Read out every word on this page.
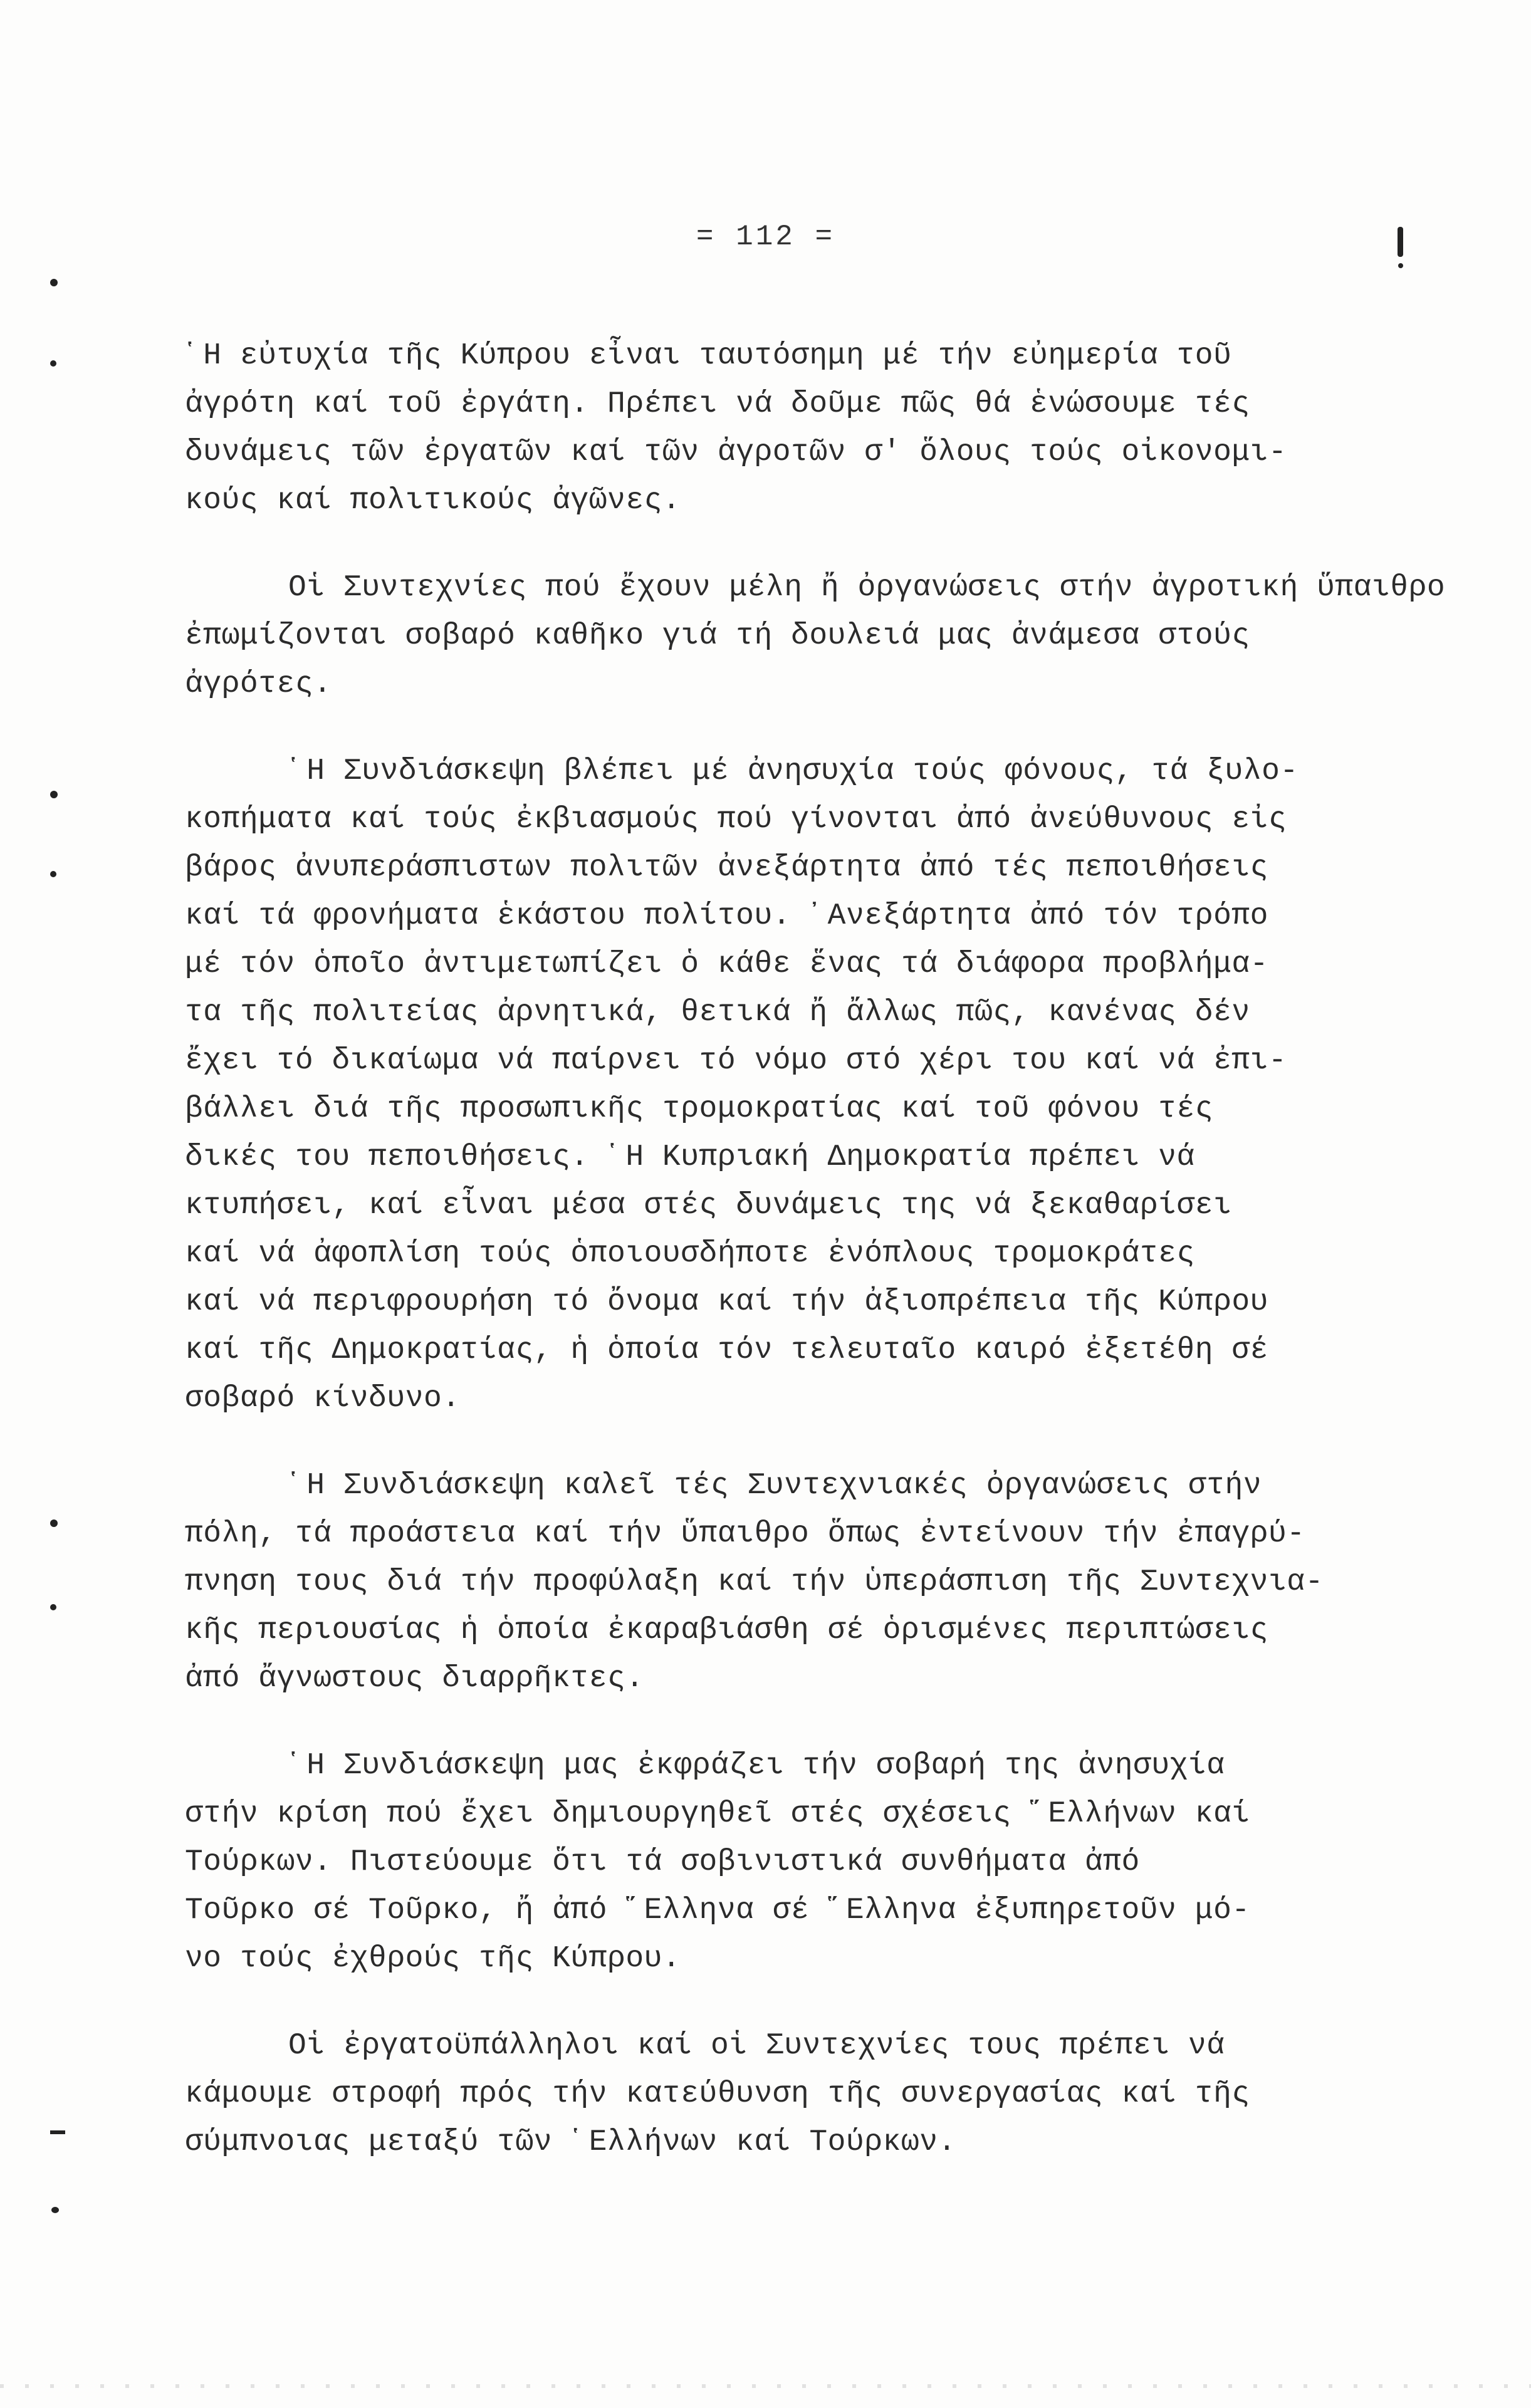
= 112 =
῾Η εὐτυχία τῆς Κύπρου εἶναι ταυτόσημη μέ τήν εὐημερία τοῦ
ἀγρότη καί τοῦ ἐργάτη. Πρέπει νά δοῦμε πῶς θά ἑνώσουμε τές
δυνάμεις τῶν ἐργατῶν καί τῶν ἀγροτῶν σ' ὅλους τούς οἰκονομι-
κούς καί πολιτικούς ἀγῶνες.
Οἱ Συντεχνίες πού ἔχουν μέλη ἤ ὀργανώσεις στήν ἀγροτική ὕπαιθρο
ἐπωμίζονται σοβαρό καθῆκο γιά τή δουλειά μας ἀνάμεσα στούς
ἀγρότες.
῾Η Συνδιάσκεψη βλέπει μέ ἀνησυχία τούς φόνους, τά ξυλο-
κοπήματα καί τούς ἐκβιασμούς πού γίνονται ἀπό ἀνεύθυνους εἰς
βάρος ἀνυπεράσπιστων πολιτῶν ἀνεξάρτητα ἀπό τές πεποιθήσεις
καί τά φρονήματα ἑκάστου πολίτου. ᾿Ανεξάρτητα ἀπό τόν τρόπο
μέ τόν ὁποῖο ἀντιμετωπίζει ὁ κάθε ἕνας τά διάφορα προβλήμα-
τα τῆς πολιτείας ἀρνητικά, θετικά ἤ ἄλλως πῶς, κανένας δέν
ἔχει τό δικαίωμα νά παίρνει τό νόμο στό χέρι του καί νά ἐπι-
βάλλει διά τῆς προσωπικῆς τρομοκρατίας καί τοῦ φόνου τές
δικές του πεποιθήσεις. ῾Η Κυπριακή Δημοκρατία πρέπει νά
κτυπήσει, καί εἶναι μέσα στές δυνάμεις της νά ξεκαθαρίσει
καί νά ἀφοπλίση τούς ὁποιουσδήποτε ἐνόπλους τρομοκράτες
καί νά περιφρουρήση τό ὄνομα καί τήν ἀξιοπρέπεια τῆς Κύπρου
καί τῆς Δημοκρατίας, ἡ ὁποία τόν τελευταῖο καιρό ἐξετέθη σέ
σοβαρό κίνδυνο.
῾Η Συνδιάσκεψη καλεῖ τές Συντεχνιακές ὀργανώσεις στήν
πόλη, τά προάστεια καί τήν ὕπαιθρο ὅπως ἐντείνουν τήν ἐπαγρύ-
πνηση τους διά τήν προφύλαξη καί τήν ὑπεράσπιση τῆς Συντεχνια-
κῆς περιουσίας ἡ ὁποία ἐκαραβιάσθη σέ ὁρισμένες περιπτώσεις
ἀπό ἄγνωστους διαρρῆκτες.
῾Η Συνδιάσκεψη μας ἐκφράζει τήν σοβαρή της ἀνησυχία
στήν κρίση πού ἔχει δημιουργηθεῖ στές σχέσεις ῞Ελλήνων καί
Τούρκων. Πιστεύουμε ὅτι τά σοβινιστικά συνθήματα ἀπό
Τοῦρκο σέ Τοῦρκο, ἤ ἀπό ῞Ελληνα σέ ῞Ελληνα ἐξυπηρετοῦν μό-
νο τούς ἐχθρούς τῆς Κύπρου.
Οἱ ἐργατοϋπάλληλοι καί οἱ Συντεχνίες τους πρέπει νά
κάμουμε στροφή πρός τήν κατεύθυνση τῆς συνεργασίας καί τῆς
σύμπνοιας μεταξύ τῶν ῾Ελλήνων καί Τούρκων.
